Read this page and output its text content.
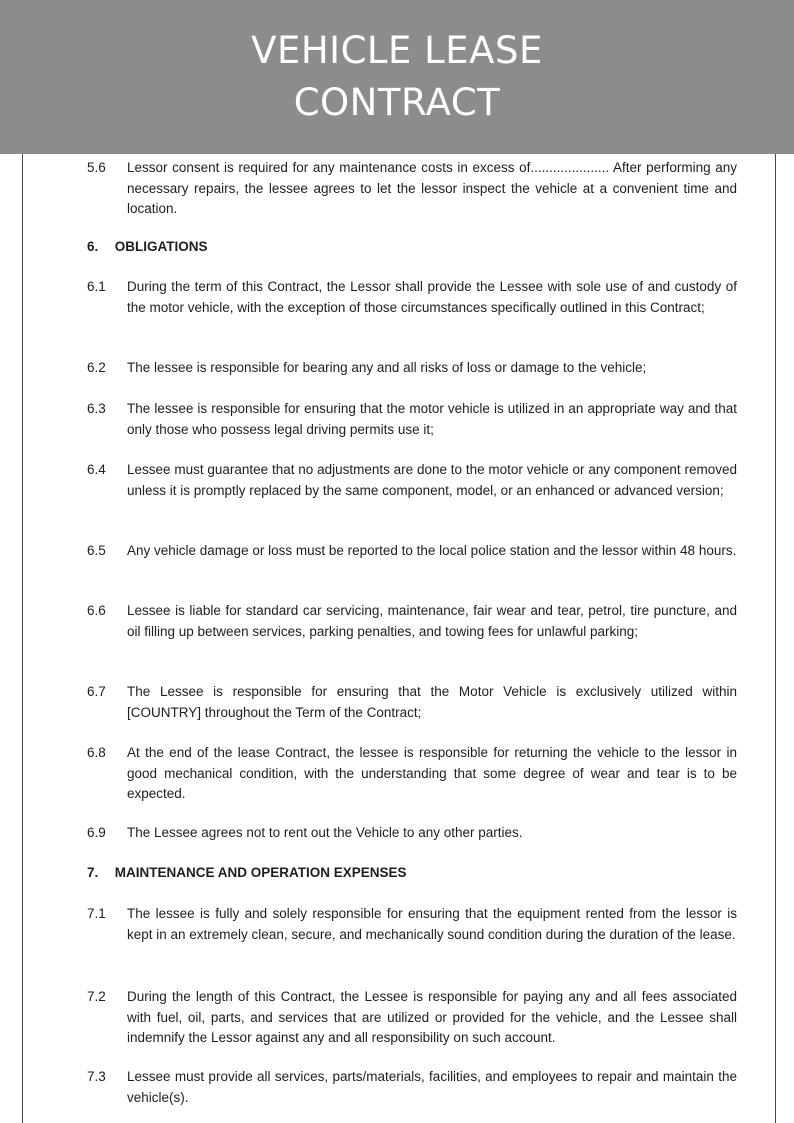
VEHICLE LEASE
CONTRACT
5.6	Lessor consent is required for any maintenance costs in excess of..................... After performing any necessary repairs, the lessee agrees to let the lessor inspect the vehicle at a convenient time and location.
6. OBLIGATIONS
6.1	During the term of this Contract, the Lessor shall provide the Lessee with sole use of and custody of the motor vehicle, with the exception of those circumstances specifically outlined in this Contract;
6.2	The lessee is responsible for bearing any and all risks of loss or damage to the vehicle;
6.3	The lessee is responsible for ensuring that the motor vehicle is utilized in an appropriate way and that only those who possess legal driving permits use it;
6.4	Lessee must guarantee that no adjustments are done to the motor vehicle or any component removed unless it is promptly replaced by the same component, model, or an enhanced or advanced version;
6.5	Any vehicle damage or loss must be reported to the local police station and the lessor within 48 hours.
6.6	Lessee is liable for standard car servicing, maintenance, fair wear and tear, petrol, tire puncture, and oil filling up between services, parking penalties, and towing fees for unlawful parking;
6.7	The Lessee is responsible for ensuring that the Motor Vehicle is exclusively utilized within [COUNTRY] throughout the Term of the Contract;
6.8	At the end of the lease Contract, the lessee is responsible for returning the vehicle to the lessor in good mechanical condition, with the understanding that some degree of wear and tear is to be expected.
6.9	The Lessee agrees not to rent out the Vehicle to any other parties.
7. MAINTENANCE AND OPERATION EXPENSES
7.1	The lessee is fully and solely responsible for ensuring that the equipment rented from the lessor is kept in an extremely clean, secure, and mechanically sound condition during the duration of the lease.
7.2	During the length of this Contract, the Lessee is responsible for paying any and all fees associated with fuel, oil, parts, and services that are utilized or provided for the vehicle, and the Lessee shall indemnify the Lessor against any and all responsibility on such account.
7.3	Lessee must provide all services, parts/materials, facilities, and employees to repair and maintain the vehicle(s).
